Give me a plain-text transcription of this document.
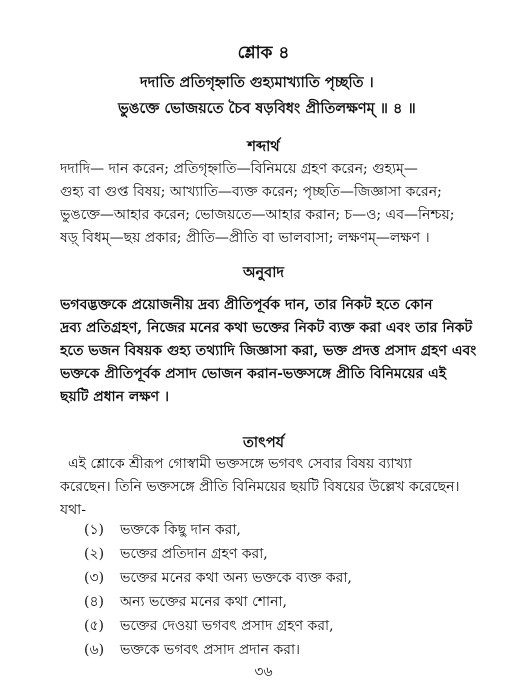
শ্লোক ৪
দদাতি প্রতিগৃহ্নাতি গুহ্যমাখ্যাতি পৃচ্ছতি ।
ভুঙক্তে ভোজয়তে চৈব ষড়বিধং প্রীতিলক্ষণম্‌ ॥ ৪ ॥
শব্দার্থ
দদাদি— দান করেন; প্রতিগৃহ্নাতি—বিনিময়ে গ্রহণ করেন; গুহ্যম্‌—
গুহ্য বা গুপ্ত বিষয়; আখ্যাতি—ব্যক্ত করেন; পৃচ্ছতি—জিজ্ঞাসা করেন;
ভুঙক্তে—আহার করেন; ভোজয়তে—আহার করান; চ—ও; এব—নিশ্চয়;
ষড়্‌ বিধম্‌—ছয় প্রকার; প্রীতি—প্রীতি বা ভালবাসা; লক্ষণম্‌—লক্ষণ ।
অনুবাদ
ভগবদ্ভক্তকে প্রয়োজনীয় দ্রব্য প্রীতিপূর্বক দান, তার নিকট হতে কোন
দ্রব্য প্রতিগ্রহণ, নিজের মনের কথা ভক্তের নিকট ব্যক্ত করা এবং তার নিকট
হতে ভজন বিষয়ক গুহ্য তথ্যাদি জিজ্ঞাসা করা, ভক্ত প্রদত্ত প্রসাদ গ্রহণ এবং
ভক্তকে প্রীতিপূর্বক প্রসাদ ভোজন করান-ভক্তসঙ্গে প্রীতি বিনিময়ের এই
ছয়টি প্রধান লক্ষণ ।
তাৎপর্য
এই শ্লোকে শ্রীরূপ গোস্বামী ভক্তসঙ্গে ভগবৎ সেবার বিষয় ব্যাখ্যা
করেছেন। তিনি ভক্তসঙ্গে প্রীতি বিনিময়ের ছয়টি বিষয়ের উল্লেখ করেছেন।
যথা-
(১) ভক্তকে কিছু দান করা,
(২) ভক্তের প্রতিদান গ্রহণ করা,
(৩) ভক্তের মনের কথা অন্য ভক্তকে ব্যক্ত করা,
(৪) অন্য ভক্তের মনের কথা শোনা,
(৫) ভক্তের দেওয়া ভগবৎ প্রসাদ গ্রহণ করা,
(৬) ভক্তকে ভগবৎ প্রসাদ প্রদান করা।
৩৬
